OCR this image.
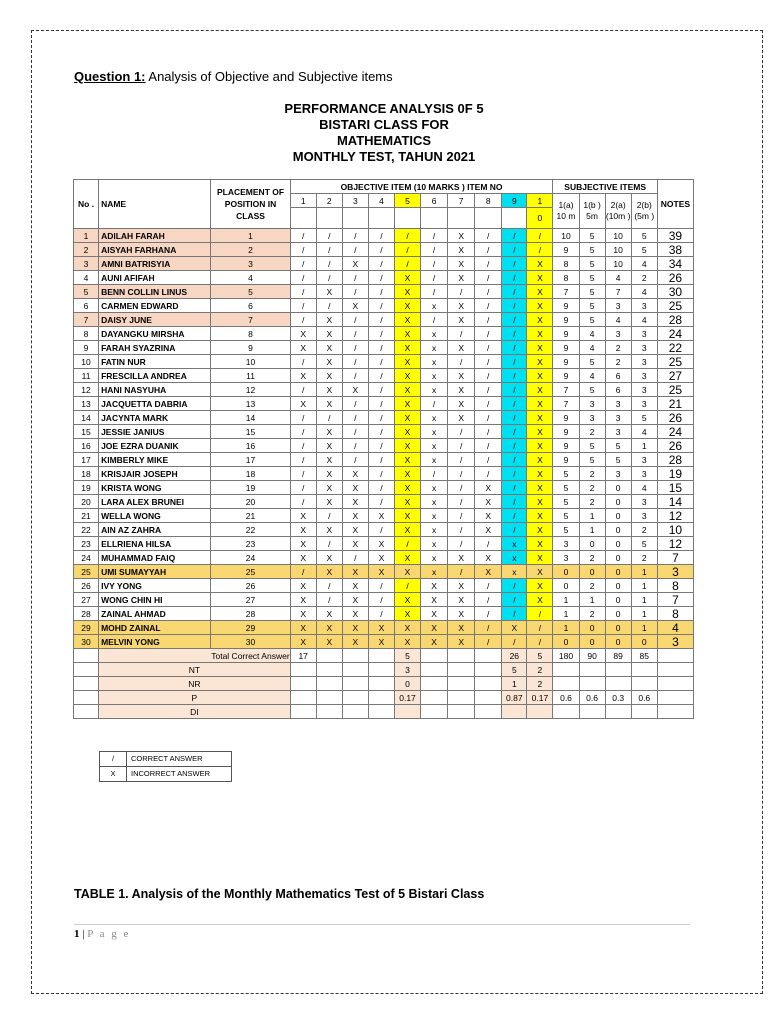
Question 1: Analysis of Objective and Subjective items
PERFORMANCE ANALYSIS 0F 5
BISTARI CLASS FOR
MATHEMATICS
MONTHLY TEST, TAHUN 2021
No .	NAME	PLACEMENT OF POSITION IN CLASS	OBJECTIVE ITEM (10 MARKS ) ITEM NO										SUBJECTIVE ITEMS				NOTES
			1	2	3	4	5	6	7	8	9	1	1(a) 10 m	1(b ) 5m	2(a) (10m )	2(b) (5m )	
												0					
1	ADILAH FARAH	1	/	/	/	/	/	/	X	/	/	/	10	5	10	5	39
2	AISYAH FARHANA	2	/	/	/	/	/	/	X	/	/	/	9	5	10	5	38
3	AMNI BATRISYIA	3	/	/	X	/	/	/	X	/	/	X	8	5	10	4	34
4	AUNI AFIFAH	4	/	/	/	/	X	/	X	/	/	X	8	5	4	2	26
5	BENN COLLIN LINUS	5	/	X	/	/	X	/	/	/	/	X	7	5	7	4	30
6	CARMEN EDWARD	6	/	/	X	/	X	x	X	/	/	X	9	5	3	3	25
7	DAISY JUNE	7	/	X	/	/	X	/	X	/	/	X	9	5	4	4	28
8	DAYANGKU MIRSHA	8	X	X	/	/	X	x	/	/	/	X	9	4	3	3	24
9	FARAH SYAZRINA	9	X	X	/	/	X	x	X	/	/	X	9	4	2	3	22
10	FATIN NUR	10	/	X	/	/	X	x	/	/	/	X	9	5	2	3	25
11	FRESCILLA ANDREA	11	X	X	/	/	X	x	X	/	/	X	9	4	6	3	27
12	HANI NASYUHA	12	/	X	X	/	X	x	X	/	/	X	7	5	6	3	25
13	JACQUETTA DABRIA	13	X	X	/	/	X	/	X	/	/	X	7	3	3	3	21
14	JACYNTA MARK	14	/	/	/	/	X	x	X	/	/	X	9	3	3	5	26
15	JESSIE JANIUS	15	/	X	/	/	X	x	/	/	/	X	9	2	3	4	24
16	JOE EZRA DUANIK	16	/	X	/	/	X	x	/	/	/	X	9	5	5	1	26
17	KIMBERLY MIKE	17	/	X	/	/	X	x	/	/	/	X	9	5	5	3	28
18	KRISJAIR JOSEPH	18	/	X	X	/	X	/	/	/	/	X	5	2	3	3	19
19	KRISTA WONG	19	/	X	X	/	X	x	/	X	/	X	5	2	0	4	15
20	LARA ALEX BRUNEI	20	/	X	X	/	X	x	/	X	/	X	5	2	0	3	14
21	WELLA WONG	21	X	/	X	X	X	x	/	X	/	X	5	1	0	3	12
22	AIN AZ ZAHRA	22	X	X	X	/	X	x	/	X	/	X	5	1	0	2	10
23	ELLRIENA HILSA	23	X	/	X	X	/	x	/	/	x	X	3	0	0	5	12
24	MUHAMMAD FAIQ	24	X	X	/	X	X	x	X	X	x	X	3	2	0	2	7
25	UMI SUMAYYAH	25	/	X	X	X	X	x	/	X	x	X	0	0	0	1	3
26	IVY YONG	26	X	/	X	/	/	X	X	/	/	X	0	2	0	1	8
27	WONG CHIN HI	27	X	/	X	/	X	X	X	/	/	X	1	1	0	1	7
28	ZAINAL AHMAD	28	X	X	X	/	X	X	X	/	/	/	1	2	0	1	8
29	MOHD ZAINAL	29	X	X	X	X	X	X	X	/	X	/	1	0	0	1	4
30	MELVIN YONG	30	X	X	X	X	X	X	X	/	/	/	0	0	0	0	3
	Total Correct Answer		17				5				26	5	180	90	89	85	
	NT						3				5	2					
	NR						0				1	2					
	P						0.17				0.87	0.17	0.6	0.6	0.3	0.6	
	DI																
/	CORRECT ANSWER
X	INCORRECT ANSWER
TABLE 1. Analysis of the Monthly Mathematics Test of 5 Bistari Class
1 | P a g e
